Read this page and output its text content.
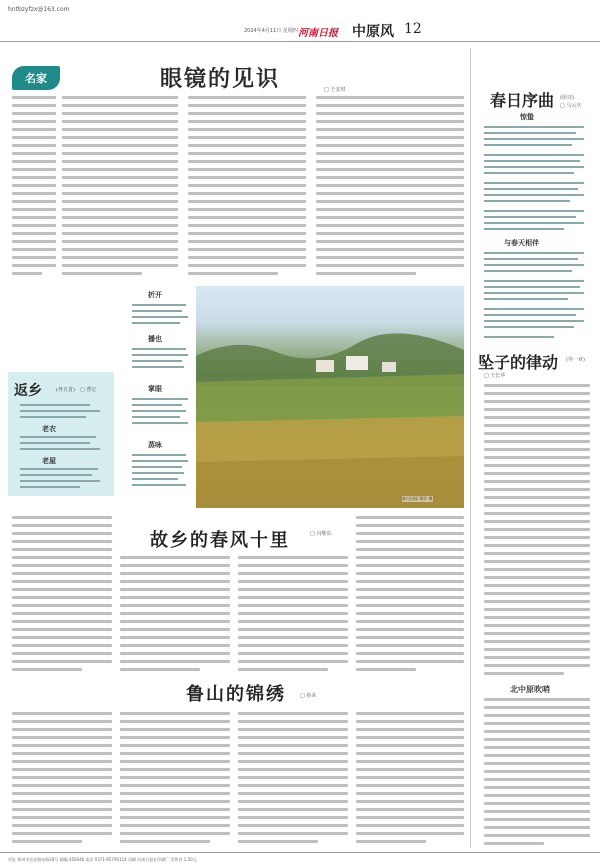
hntbzyfzx@163.com
2024年4月11日 星期四 河南日报 中原风 12
名家	眼镜的见识	□ 王安琪
返乡	(外五首) □ 曹宏
老衣
老屋
折开
播也
掌眼
蒸咏
春日田园 郑好 摄
故乡的春风十里	□ 冯继东
鲁山的锦绣	□ 孙荣
春日序曲 (组诗)
□ 马云庆
惊蛰
与春天相伴
坠子的律动 (外一章)
□ 王长华
北中原吹哨
社址 郑州市农业路东路28号 邮编 450046 电话 0371-65795114 印刷 河南日报社印刷厂 零售价 1.50元
